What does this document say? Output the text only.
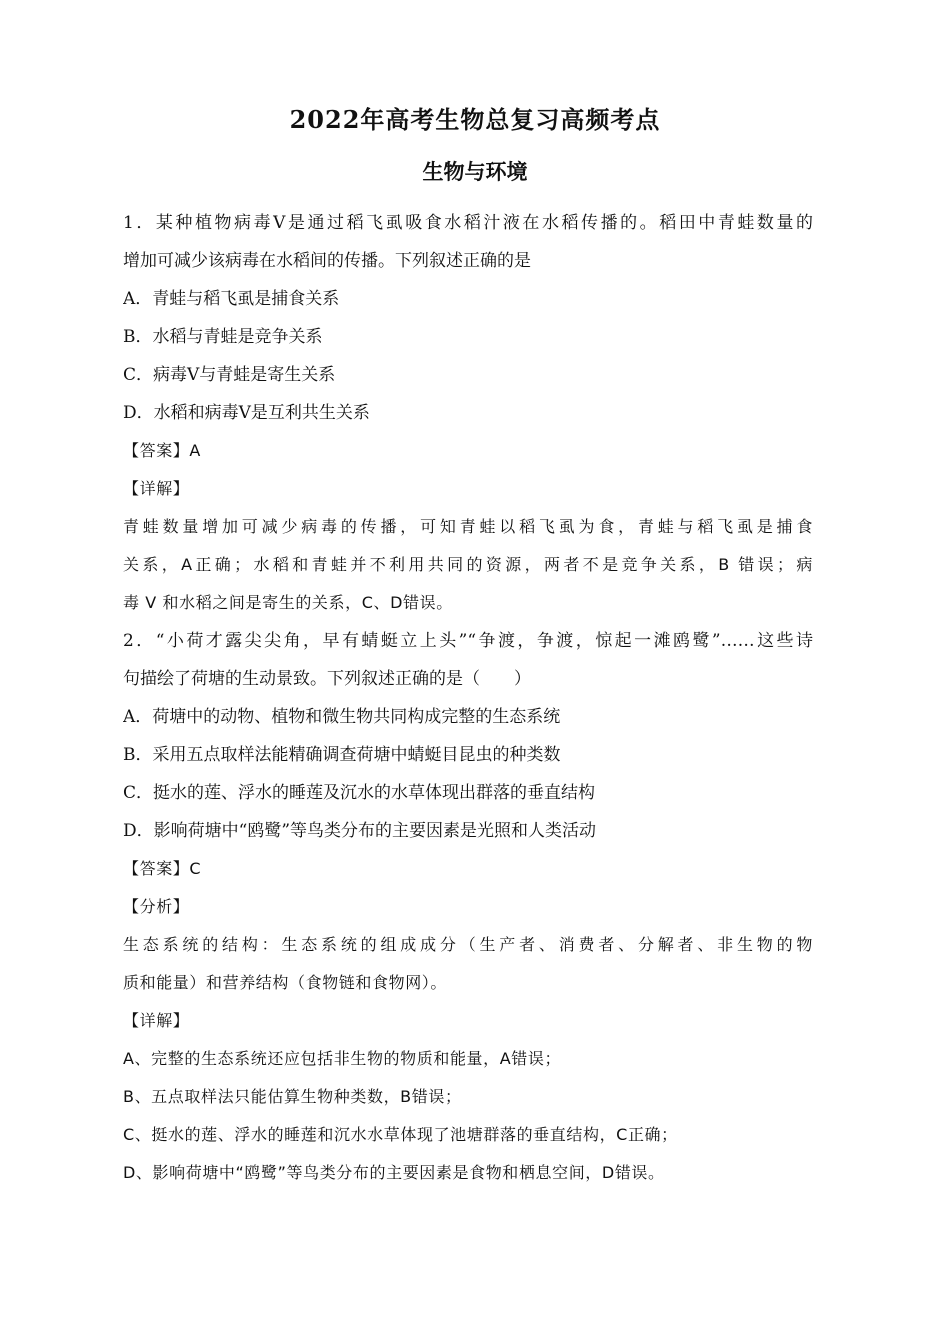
2022年高考生物总复习高频考点
生物与环境
1．某种植物病毒V是通过稻飞虱吸食水稻汁液在水稻传播的。稻田中青蛙数量的
增加可减少该病毒在水稻间的传播。下列叙述正确的是
A．青蛙与稻飞虱是捕食关系
B．水稻与青蛙是竞争关系
C．病毒V与青蛙是寄生关系
D．水稻和病毒V是互利共生关系
【答案】A
【详解】
青蛙数量增加可减少病毒的传播，可知青蛙以稻飞虱为食，青蛙与稻飞虱是捕食
关系，A正确；水稻和青蛙并不利用共同的资源，两者不是竞争关系，B 错误；病
毒 V 和水稻之间是寄生的关系，C、D错误。
2．“小荷才露尖尖角，早有蜻蜓立上头”“争渡，争渡，惊起一滩鸥鹭”……这些诗
句描绘了荷塘的生动景致。下列叙述正确的是（　　）
A．荷塘中的动物、植物和微生物共同构成完整的生态系统
B．采用五点取样法能精确调查荷塘中蜻蜓目昆虫的种类数
C．挺水的莲、浮水的睡莲及沉水的水草体现出群落的垂直结构
D．影响荷塘中“鸥鹭”等鸟类分布的主要因素是光照和人类活动
【答案】C
【分析】
生态系统的结构：生态系统的组成成分（生产者、消费者、分解者、非生物的物
质和能量）和营养结构（食物链和食物网）。
【详解】
A、完整的生态系统还应包括非生物的物质和能量，A错误；
B、五点取样法只能估算生物种类数，B错误；
C、挺水的莲、浮水的睡莲和沉水水草体现了池塘群落的垂直结构，C正确；
D、影响荷塘中“鸥鹭”等鸟类分布的主要因素是食物和栖息空间，D错误。
